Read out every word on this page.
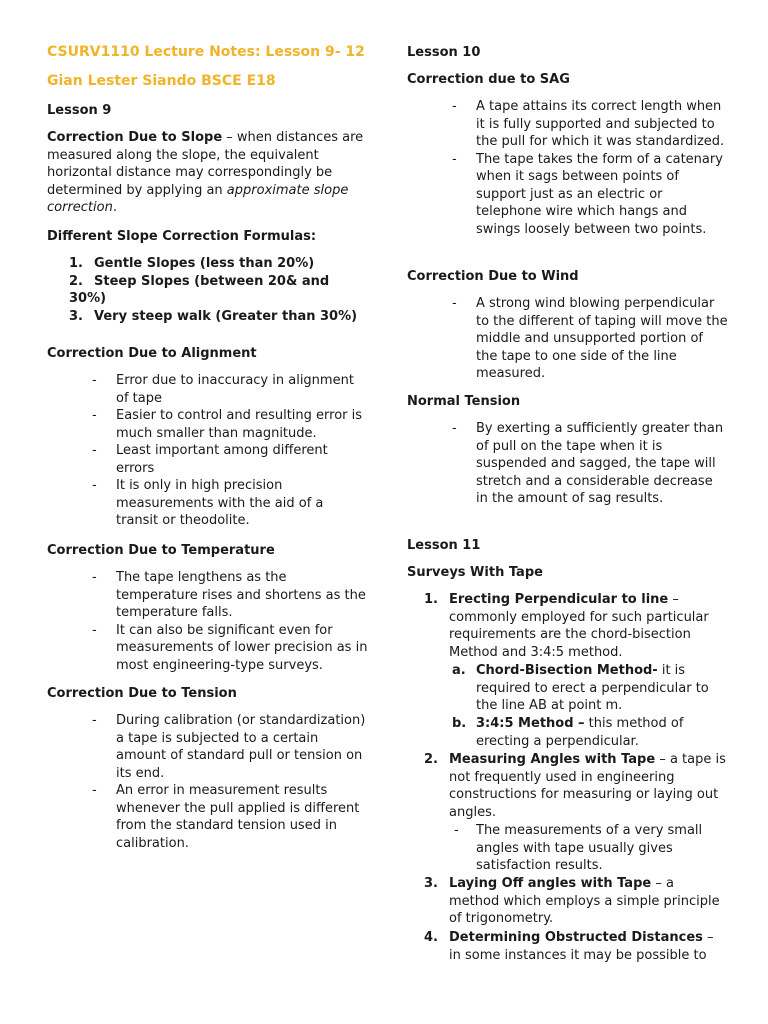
CSURV1110 Lecture Notes: Lesson 9- 12
Gian Lester Siando BSCE E18
Lesson 9
Correction Due to Slope – when distances are measured along the slope, the equivalent horizontal distance may correspondingly be determined by applying an approximate slope correction.
Different Slope Correction Formulas:
1. Gentle Slopes (less than 20%)
2. Steep Slopes (between 20& and 30%)
3. Very steep walk (Greater than 30%)
Correction Due to Alignment
- Error due to inaccuracy in alignment of tape
- Easier to control and resulting error is much smaller than magnitude.
- Least important among different errors
- It is only in high precision measurements with the aid of a transit or theodolite.
Correction Due to Temperature
- The tape lengthens as the temperature rises and shortens as the temperature falls.
- It can also be significant even for measurements of lower precision as in most engineering-type surveys.
Correction Due to Tension
- During calibration (or standardization) a tape is subjected to a certain amount of standard pull or tension on its end.
- An error in measurement results whenever the pull applied is different from the standard tension used in calibration.
Lesson 10
Correction due to SAG
- A tape attains its correct length when it is fully supported and subjected to the pull for which it was standardized.
- The tape takes the form of a catenary when it sags between points of support just as an electric or telephone wire which hangs and swings loosely between two points.
Correction Due to Wind
- A strong wind blowing perpendicular to the different of taping will move the middle and unsupported portion of the tape to one side of the line measured.
Normal Tension
- By exerting a sufficiently greater than of pull on the tape when it is suspended and sagged, the tape will stretch and a considerable decrease in the amount of sag results.
Lesson 11
Surveys With Tape
1. Erecting Perpendicular to line – commonly employed for such particular requirements are the chord-bisection Method and 3:4:5 method.
a. Chord-Bisection Method- it is required to erect a perpendicular to the line AB at point m.
b. 3:4:5 Method – this method of erecting a perpendicular.
2. Measuring Angles with Tape – a tape is not frequently used in engineering constructions for measuring or laying out angles.
- The measurements of a very small angles with tape usually gives satisfaction results.
3. Laying Off angles with Tape – a method which employs a simple principle of trigonometry.
4. Determining Obstructed Distances – in some instances it may be possible to
